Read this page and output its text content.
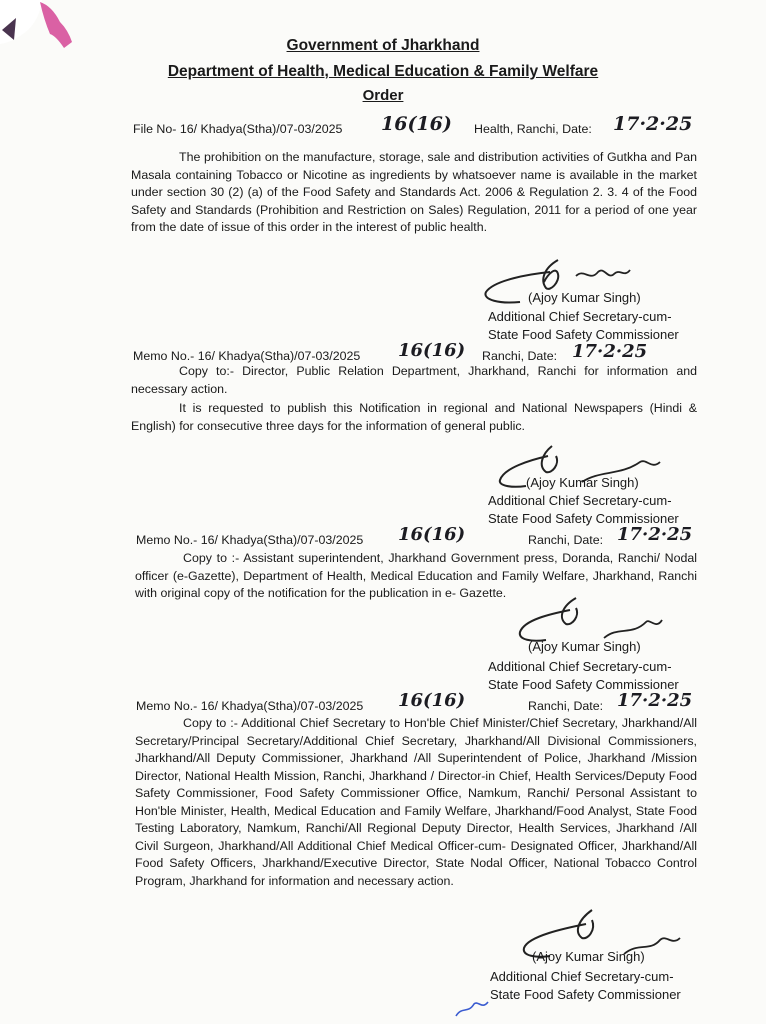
Government of Jharkhand
Department of Health, Medical Education & Family Welfare
Order
File No- 16/ Khadya(Stha)/07-03/2025 16(16) Health, Ranchi, Date: 17·2·25

The prohibition on the manufacture, storage, sale and distribution activities of Gutkha and Pan Masala containing Tobacco or Nicotine as ingredients by whatsoever name is available in the market under section 30 (2) (a) of the Food Safety and Standards Act. 2006 & Regulation 2. 3. 4 of the Food Safety and Standards (Prohibition and Restriction on Sales) Regulation, 2011 for a period of one year from the date of issue of this order in the interest of public health.

(Ajoy Kumar Singh)
Additional Chief Secretary-cum-
State Food Safety Commissioner
Memo No.- 16/ Khadya(Stha)/07-03/2025 16(16) Ranchi, Date: 17·2·25

Copy to:- Director, Public Relation Department, Jharkhand, Ranchi for information and necessary action.

It is requested to publish this Notification in regional and National Newspapers (Hindi & English) for consecutive three days for the information of general public.

(Ajoy Kumar Singh)
Additional Chief Secretary-cum-
State Food Safety Commissioner
Memo No.- 16/ Khadya(Stha)/07-03/2025 16(16)	Ranchi, Date: 17·2·25

Copy to :- Assistant superintendent, Jharkhand Government press, Doranda, Ranchi/ Nodal officer (e-Gazette), Department of Health, Medical Education and Family Welfare, Jharkhand, Ranchi with original copy of the notification for the publication in e- Gazette.

(Ajoy Kumar Singh)
Additional Chief Secretary-cum-
State Food Safety Commissioner
Memo No.- 16/ Khadya(Stha)/07-03/2025 16(16)	Ranchi, Date: 17·2·25

Copy to :- Additional Chief Secretary to Hon'ble Chief Minister/Chief Secretary, Jharkhand/All Secretary/Principal Secretary/Additional Chief Secretary, Jharkhand/All Divisional Commissioners, Jharkhand/All Deputy Commissioner, Jharkhand /All Superintendent of Police, Jharkhand /Mission Director, National Health Mission, Ranchi, Jharkhand / Director-in Chief, Health Services/Deputy Food Safety Commissioner, Food Safety Commissioner Office, Namkum, Ranchi/ Personal Assistant to Hon'ble Minister, Health, Medical Education and Family Welfare, Jharkhand/Food Analyst, State Food Testing Laboratory, Namkum, Ranchi/All Regional Deputy Director, Health Services, Jharkhand /All Civil Surgeon, Jharkhand/All Additional Chief Medical Officer-cum- Designated Officer, Jharkhand/All Food Safety Officers, Jharkhand/Executive Director, State Nodal Officer, National Tobacco Control Program, Jharkhand for information and necessary action.

(Ajoy Kumar Singh)
Additional Chief Secretary-cum-
State Food Safety Commissioner
